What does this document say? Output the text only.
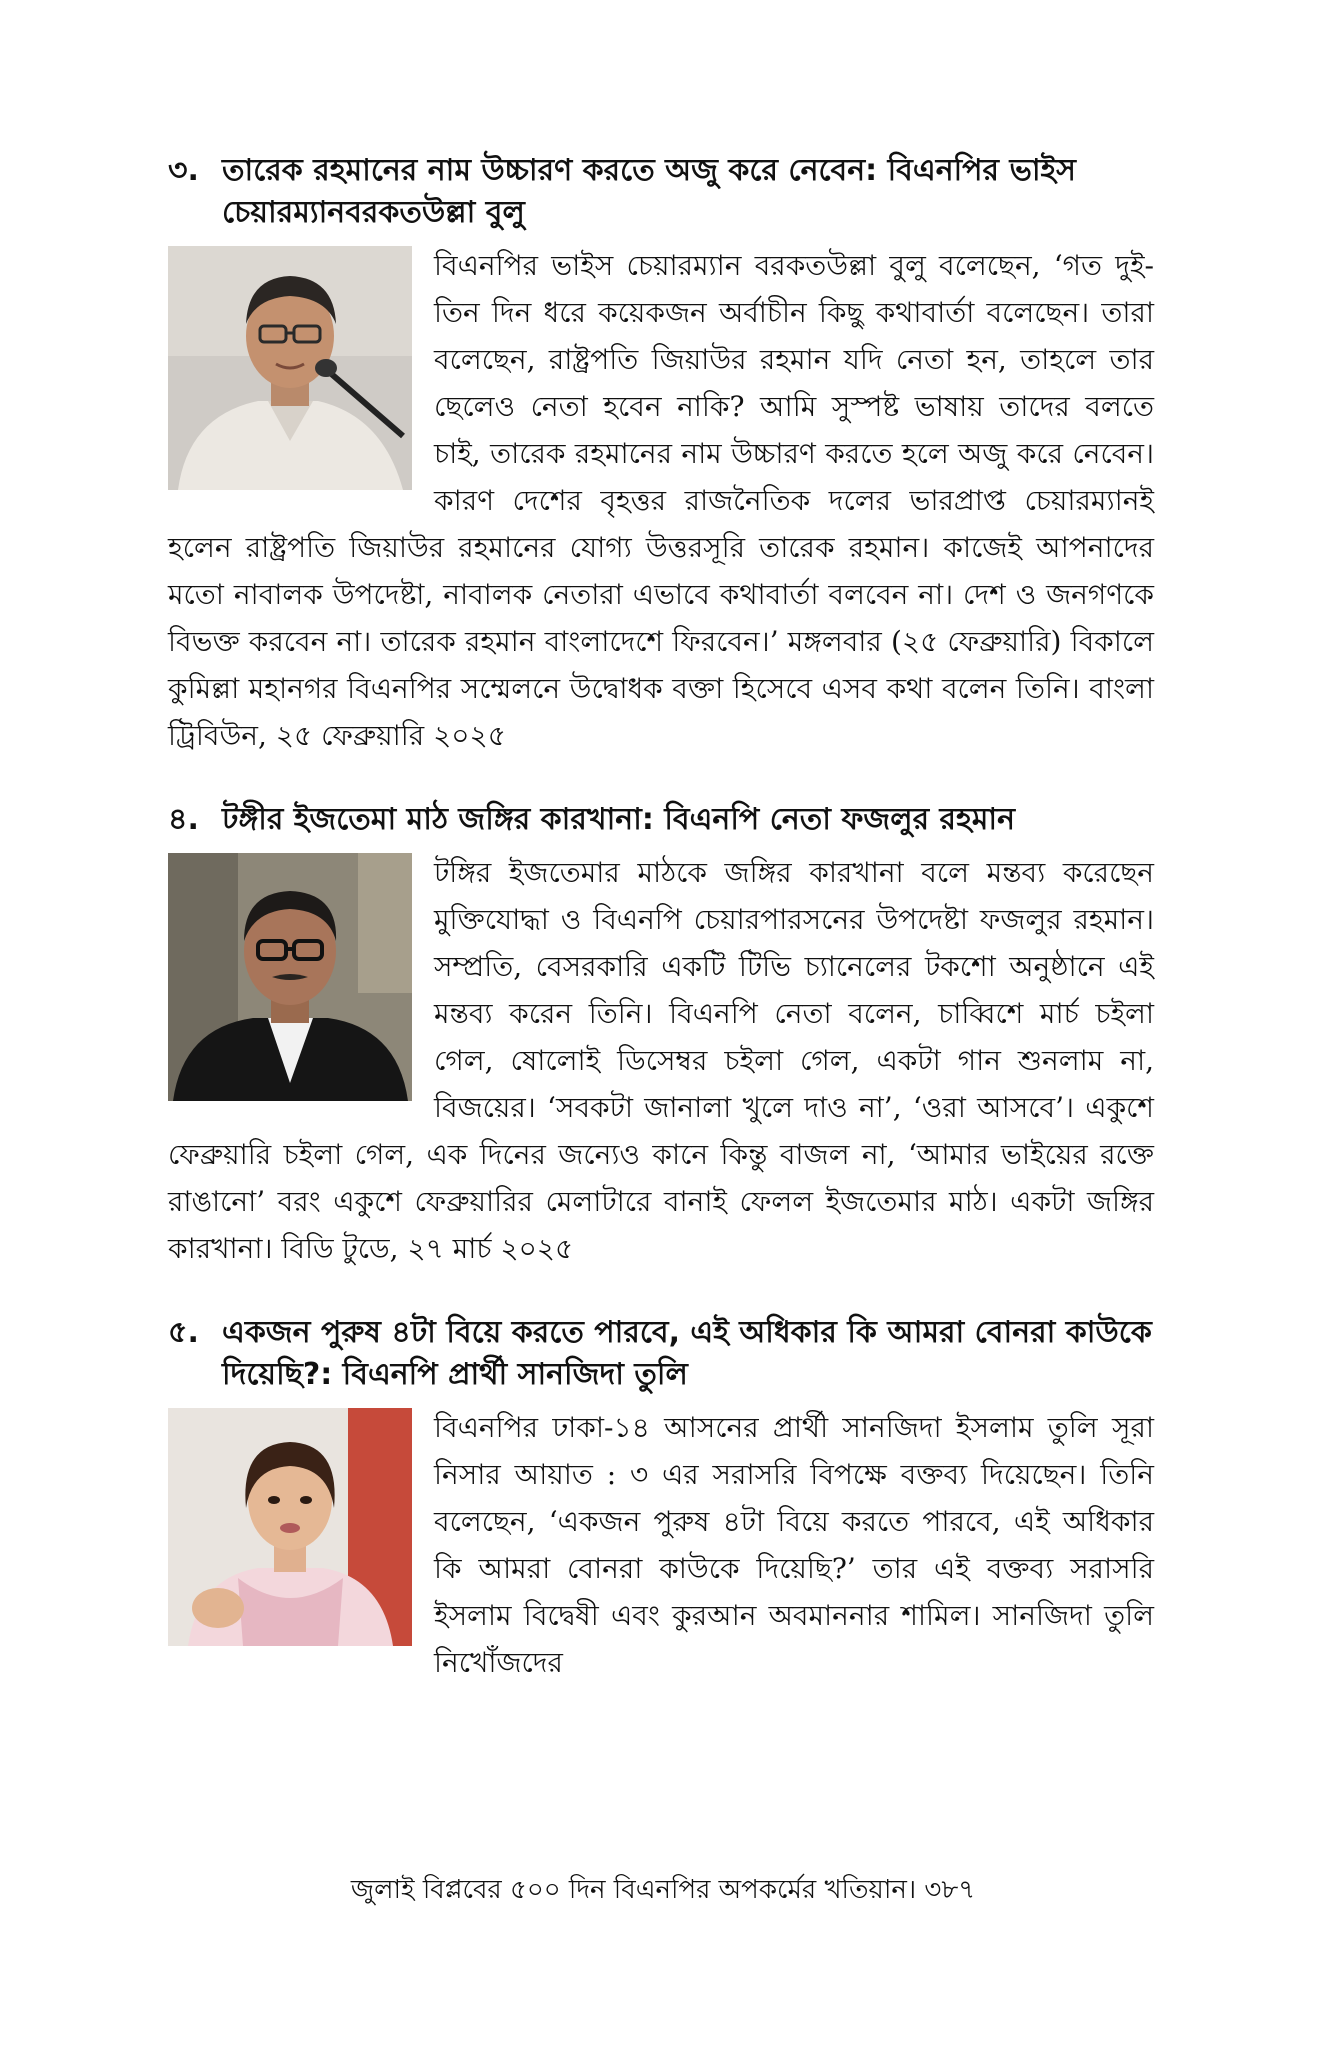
৩. তারেক রহমানের নাম উচ্চারণ করতে অজু করে নেবেন: বিএনপির ভাইস চেয়ারম্যানবরকতউল্লা বুলু

বিএনপির ভাইস চেয়ারম্যান বরকতউল্লা বুলু বলেছেন, ‘গত দুই-তিন দিন ধরে কয়েকজন অর্বাচীন কিছু কথাবার্তা বলেছেন। তারা বলেছেন, রাষ্ট্রপতি জিয়াউর রহমান যদি নেতা হন, তাহলে তার ছেলেও নেতা হবেন নাকি? আমি সুস্পষ্ট ভাষায় তাদের বলতে চাই, তারেক রহমানের নাম উচ্চারণ করতে হলে অজু করে নেবেন। কারণ দেশের বৃহত্তর রাজনৈতিক দলের ভারপ্রাপ্ত চেয়ারম্যানই হলেন রাষ্ট্রপতি জিয়াউর রহমানের যোগ্য উত্তরসূরি তারেক রহমান। কাজেই আপনাদের মতো নাবালক উপদেষ্টা, নাবালক নেতারা এভাবে কথাবার্তা বলবেন না। দেশ ও জনগণকে বিভক্ত করবেন না। তারেক রহমান বাংলাদেশে ফিরবেন।’ মঙ্গলবার (২৫ ফেব্রুয়ারি) বিকালে কুমিল্লা মহানগর বিএনপির সম্মেলনে উদ্বোধক বক্তা হিসেবে এসব কথা বলেন তিনি। বাংলা ট্রিবিউন, ২৫ ফেব্রুয়ারি ২০২৫

৪. টঙ্গীর ইজতেমা মাঠ জঙ্গির কারখানা: বিএনপি নেতা ফজলুর রহমান

টঙ্গির ইজতেমার মাঠকে জঙ্গির কারখানা বলে মন্তব্য করেছেন মুক্তিযোদ্ধা ও বিএনপি চেয়ারপারসনের উপদেষ্টা ফজলুর রহমান। সম্প্রতি, বেসরকারি একটি টিভি চ্যানেলের টকশো অনুষ্ঠানে এই মন্তব্য করেন তিনি। বিএনপি নেতা বলেন, চাব্বিশে মার্চ চইলা গেল, ষোলোই ডিসেম্বর চইলা গেল, একটা গান শুনলাম না, বিজয়ের। ‘সবকটা জানালা খুলে দাও না’, ‘ওরা আসবে’। একুশে ফেব্রুয়ারি চইলা গেল, এক দিনের জন্যেও কানে কিন্তু বাজল না, ‘আমার ভাইয়ের রক্তে রাঙানো’ বরং একুশে ফেব্রুয়ারির মেলাটারে বানাই ফেলল ইজতেমার মাঠ। একটা জঙ্গির কারখানা। বিডি টুডে, ২৭ মার্চ ২০২৫

৫. একজন পুরুষ ৪টা বিয়ে করতে পারবে, এই অধিকার কি আমরা বোনরা কাউকে দিয়েছি?: বিএনপি প্রার্থী সানজিদা তুলি

বিএনপির ঢাকা-১৪ আসনের প্রার্থী সানজিদা ইসলাম তুলি সূরা নিসার আয়াত : ৩ এর সরাসরি বিপক্ষে বক্তব্য দিয়েছেন। তিনি বলেছেন, ‘একজন পুরুষ ৪টা বিয়ে করতে পারবে, এই অধিকার কি আমরা বোনরা কাউকে দিয়েছি?’ তার এই বক্তব্য সরাসরি ইসলাম বিদ্বেষী এবং কুরআন অবমাননার শামিল। সানজিদা তুলি নিখোঁজদের

জুলাই বিপ্লবের ৫০০ দিন বিএনপির অপকর্মের খতিয়ান। ৩৮৭
